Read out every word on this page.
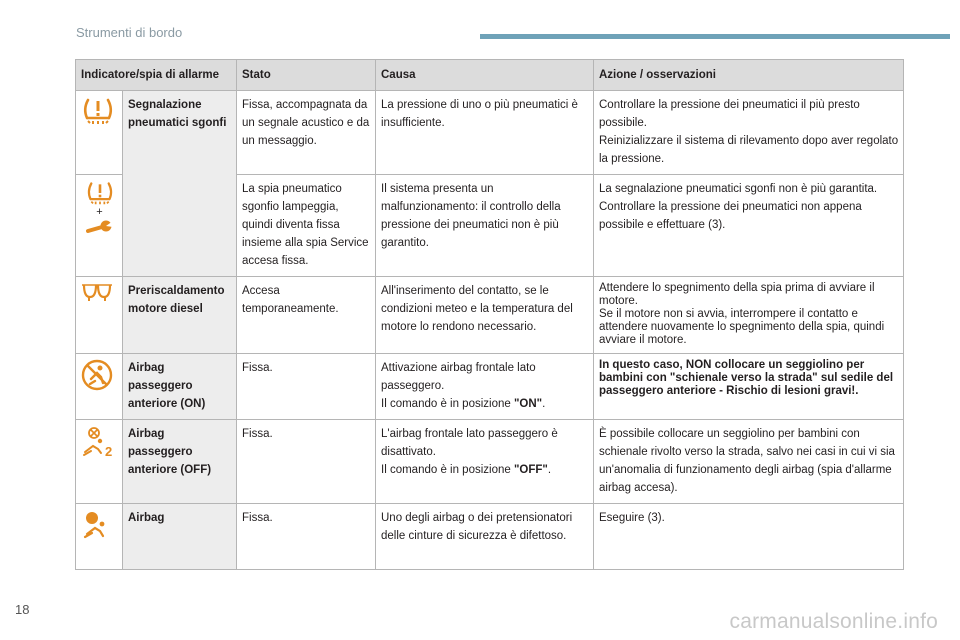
Strumenti di bordo
Indicatore/spia di allarme		Stato	Causa	Azione / osservazioni
	Segnalazione pneumatici sgonfi	Fissa, accompagnata da un segnale acustico e da un messaggio.	La pressione di uno o più pneumatici è insufficiente.	Controllare la pressione dei pneumatici il più presto possibile.
Reinizializzare il sistema di rilevamento dopo aver regolato la pressione.

+		La spia pneumatico sgonfio lampeggia, quindi diventa fissa insieme alla spia Service accesa fissa.	Il sistema presenta un malfunzionamento: il controllo della pressione dei pneumatici non è più garantito.	La segnalazione pneumatici sgonfi non è più garantita.
Controllare la pressione dei pneumatici non appena possibile e effettuare (3).

	Preriscaldamento motore diesel	Accesa temporaneamente.	All'inserimento del contatto, se le condizioni meteo e la temperatura del motore lo rendono necessario.	Attendere lo spegnimento della spia prima di avviare il motore.
Se il motore non si avvia, interrompere il contatto e attendere nuovamente lo spegnimento della spia, quindi avviare il motore.

	Airbag passeggero anteriore (ON)	Fissa.	Attivazione airbag frontale lato passeggero.
Il comando è in posizione "ON".	In questo caso, NON collocare un seggiolino per bambini con "schienale verso la strada" sul sedile del passeggero anteriore - Rischio di lesioni gravi!.

2	Airbag passeggero anteriore (OFF)	Fissa.	L'airbag frontale lato passeggero è disattivato.
Il comando è in posizione "OFF".	È possibile collocare un seggiolino per bambini con schienale rivolto verso la strada, salvo nei casi in cui vi sia un'anomalia di funzionamento degli airbag (spia d'allarme airbag accesa).
	Airbag	Fissa.	Uno degli airbag o dei pretensionatori delle cinture di sicurezza è difettoso.	Eseguire (3).
18
carmanualsonline.info
